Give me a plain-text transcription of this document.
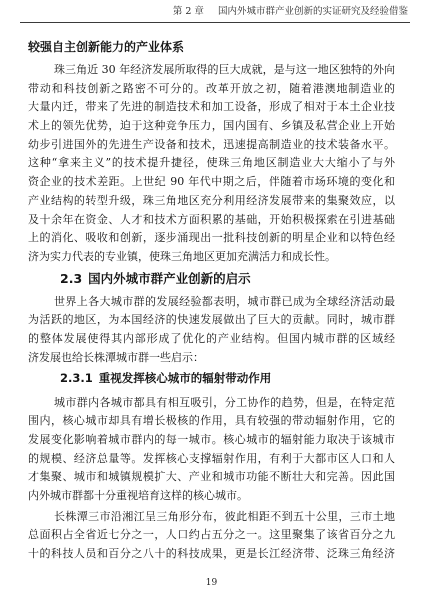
第 2 章 国内外城市群产业创新的实证研究及经验借鉴
较强自主创新能力的产业体系
珠三角近 30 年经济发展所取得的巨大成就，是与这一地区独特的外向
带动和科技创新之路密不可分的。改革开放之初，随着港澳地制造业的
大量内迁，带来了先进的制造技术和加工设备，形成了相对于本土企业技
术上的领先优势，迫于这种竞争压力，国内国有、乡镇及私营企业上开始
幼步引进国外的先进生产设备和技术，迅速提高制造业的技术装备水平。
这种“拿来主义”的技术提升捷径，使珠三角地区制造业大大缩小了与外
资企业的技术差距。上世纪 90 年代中期之后，伴随着市场环境的变化和
产业结构的转型升级，珠三角地区充分利用经济发展带来的集聚效应，以
及十余年在资金、人才和技术方面积累的基础，开始积极探索在引进基础
上的消化、吸收和创新，逐步涌现出一批科技创新的明星企业和以特色经
济为实力代表的专业镇，使珠三角地区更加充满活力和成长性。
2.3 国内外城市群产业创新的启示
世界上各大城市群的发展经验都表明，城市群已成为全球经济活动最
为活跃的地区，为本国经济的快速发展做出了巨大的贡献。同时，城市群
的整体发展使得其内部形成了优化的产业结构。但国内城市群的区域经
济发展也给长株潭城市群一些启示：
2.3.1 重视发挥核心城市的辐射带动作用
城市群内各城市都具有相互吸引，分工协作的趋势，但是，在特定范
围内，核心城市却具有增长极核的作用，具有较强的带动辐射作用，它的
发展变化影响着城市群内的每一城市。核心城市的辐射能力取决于该城市
的规模、经济总量等。发挥核心支撑辐射作用，有利于大都市区人口和人
才集聚、城市和城镇规模扩大、产业和城市功能不断壮大和完善。因此国
内外城市群都十分重视培育这样的核心城市。
长株潭三市沿湘江呈三角形分布，彼此相距不到五十公里，三市土地
总面积占全省近七分之一，人口约占五分之一。这里聚集了该省百分之九
十的科技人员和百分之八十的科技成果，更是长江经济带、泛珠三角经济
19
